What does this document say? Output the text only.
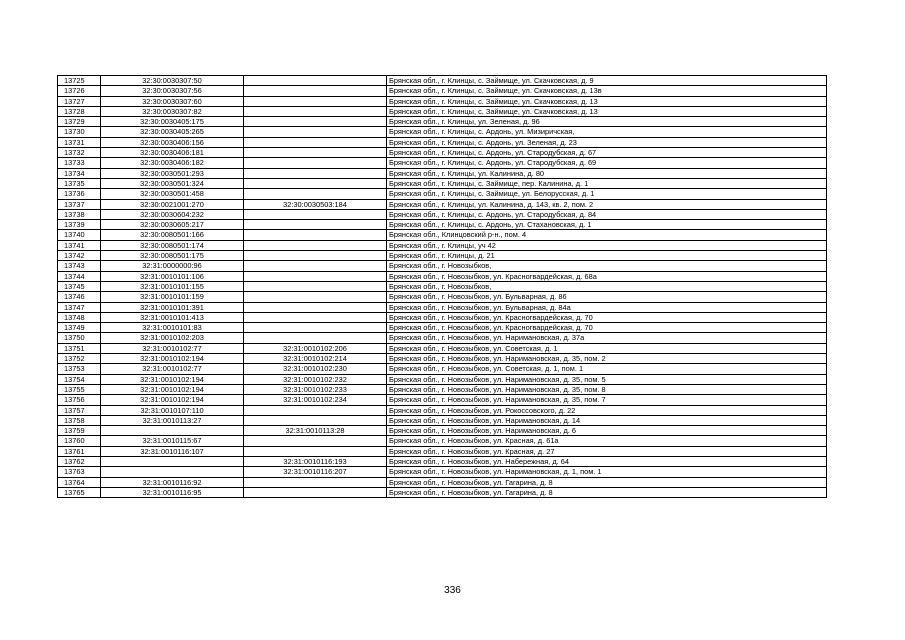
13725	32:30:0030307:50		Брянская обл., г. Клинцы, с. Займище, ул. Скачковская, д. 9
13726	32:30:0030307:56		Брянская обл., г. Клинцы, с. Займище, ул. Скачковская, д. 13в
13727	32:30:0030307:60		Брянская обл., г. Клинцы, с. Займище, ул. Скачковская, д. 13
13728	32:30:0030307:82		Брянская обл., г. Клинцы, с. Займище, ул. Скачковская, д. 13
13729	32:30:0030405:175		Брянская обл., г. Клинцы, ул. Зеленая, д. 96
13730	32:30:0030405:265		Брянская обл., г. Клинцы, с. Ардонь, ул. Мизиричская,
13731	32:30:0030406:156		Брянская обл., г. Клинцы, с. Ардонь, ул. Зеленая, д. 23
13732	32:30:0030406:181		Брянская обл., г. Клинцы, с. Ардонь, ул. Стародубская, д. 67
13733	32:30:0030406:182		Брянская обл., г. Клинцы, с. Ардонь, ул. Стародубская, д. 69
13734	32:30:0030501:293		Брянская обл., г. Клинцы, ул. Калинина, д. 80
13735	32:30:0030501:324		Брянская обл., г. Клинцы, с. Займище, пер. Калинина, д. 1
13736	32:30:0030501:458		Брянская обл., г. Клинцы, с. Займище, ул. Белорусская, д. 1
13737	32:30:0021001:270	32:30:0030503:184	Брянская обл., г. Клинцы, ул. Калинина, д. 143, кв. 2, пом. 2
13738	32:30:0030604:232		Брянская обл., г. Клинцы, с. Ардонь, ул. Стародубская, д. 84
13739	32:30:0030605:217		Брянская обл., г. Клинцы, с. Ардонь, ул. Стахановская, д. 1
13740	32:30:0080501:166		Брянская обл., Клинцовский р-н., пом. 4
13741	32:30:0080501:174		Брянская обл., г. Клинцы, уч 42
13742	32:30:0080501:175		Брянская обл., г. Клинцы, д. 21
13743	32:31:0000000:96		Брянская обл., г. Новозыбков,
13744	32:31:0010101:106		Брянская обл., г. Новозыбков, ул. Красногвардейская, д. 68а
13745	32:31:0010101:155		Брянская обл., г. Новозыбков,
13746	32:31:0010101:159		Брянская обл., г. Новозыбков, ул. Бульварная, д. 86
13747	32:31:0010101:391		Брянская обл., г. Новозыбков, ул. Бульварная, д. 84а
13748	32:31:0010101:413		Брянская обл., г. Новозыбков, ул. Красногвардейская, д. 70
13749	32:31:0010101:83		Брянская обл., г. Новозыбков, ул. Красногвардейская, д. 70
13750	32:31:0010102:203		Брянская обл., г. Новозыбков, ул. Наримановская, д. 37а
13751	32:31:0010102:77	32:31:0010102:206	Брянская обл., г. Новозыбков, ул. Советская, д. 1
13752	32:31:0010102:194	32:31:0010102:214	Брянская обл., г. Новозыбков, ул. Наримановская, д. 35, пом. 2
13753	32:31:0010102:77	32:31:0010102:230	Брянская обл., г. Новозыбков, ул. Советская, д. 1, пом. 1
13754	32:31:0010102:194	32:31:0010102:232	Брянская обл., г. Новозыбков, ул. Наримановская, д. 35, пом. 5
13755	32:31:0010102:194	32:31:0010102:233	Брянская обл., г. Новозыбков, ул. Наримановская, д. 35, пом. 8
13756	32:31:0010102:194	32:31:0010102:234	Брянская обл., г. Новозыбков, ул. Наримановская, д. 35, пом. 7
13757	32:31:0010107:110		Брянская обл., г. Новозыбков, ул. Рокоссовского, д. 22
13758	32:31:0010113:27		Брянская обл., г. Новозыбков, ул. Наримановская, д. 14
13759		32:31:0010113:28	Брянская обл., г. Новозыбков, ул. Наримановская, д. 6
13760	32:31:0010115:67		Брянская обл., г. Новозыбков, ул. Красная, д. 61а
13761	32:31:0010116:107		Брянская обл., г. Новозыбков, ул. Красная, д. 27
13762		32:31:0010116:193	Брянская обл., г. Новозыбков, ул. Набережная, д. 64
13763		32:31:0010116:207	Брянская обл., г. Новозыбков, ул. Наримановская, д. 1, пом. 1
13764	32:31:0010116:92		Брянская обл., г. Новозыбков, ул. Гагарина, д. 8
13765	32:31:0010116:95		Брянская обл., г. Новозыбков, ул. Гагарина, д. 8
336
